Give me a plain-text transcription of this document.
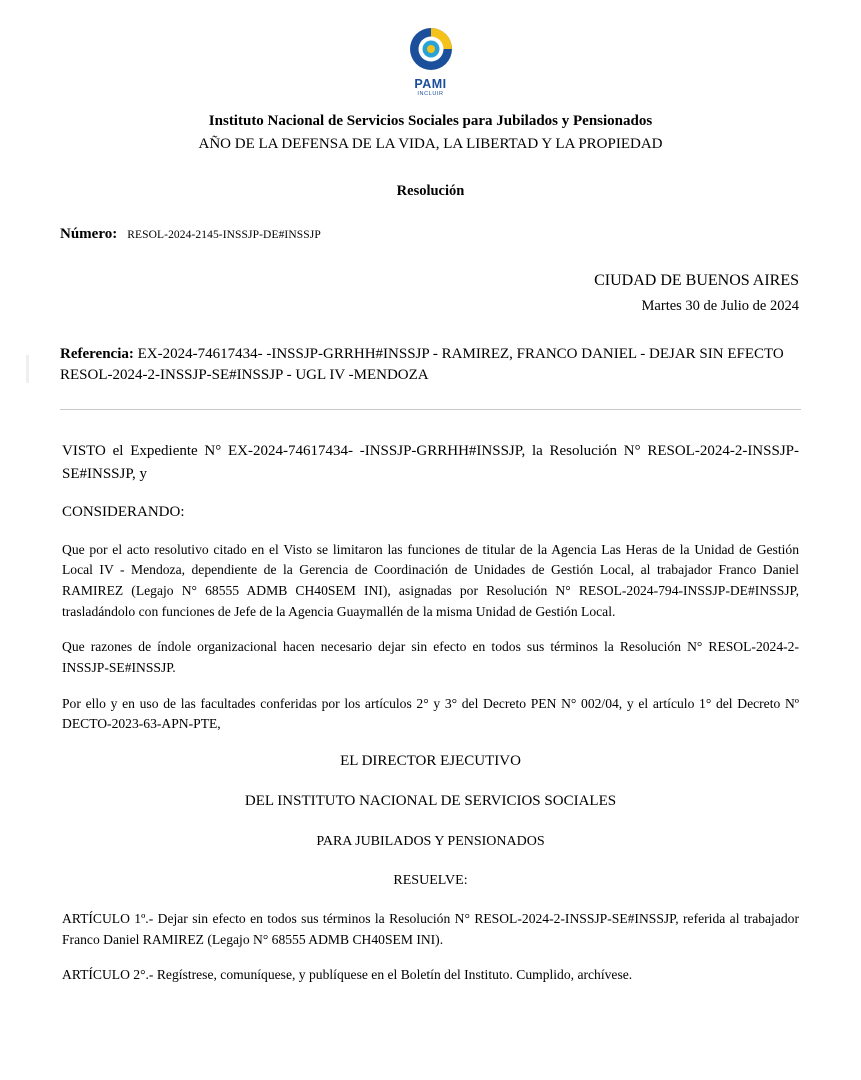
PAMI
INCLUIR
Instituto Nacional de Servicios Sociales para Jubilados y Pensionados
AÑO DE LA DEFENSA DE LA VIDA, LA LIBERTAD Y LA PROPIEDAD
Resolución
Número: RESOL-2024-2145-INSSJP-DE#INSSJP
CIUDAD DE BUENOS AIRES
Martes 30 de Julio de 2024
Referencia: EX-2024-74617434- -INSSJP-GRRHH#INSSJP - RAMIREZ, FRANCO DANIEL - DEJAR SIN EFECTO RESOL-2024-2-INSSJP-SE#INSSJP - UGL IV -MENDOZA

VISTO el Expediente N° EX-2024-74617434- -INSSJP-GRRHH#INSSJP, la Resolución N° RESOL-2024-2-INSSJP-SE#INSSJP, y

CONSIDERANDO:

Que por el acto resolutivo citado en el Visto se limitaron las funciones de titular de la Agencia Las Heras de la Unidad de Gestión Local IV - Mendoza, dependiente de la Gerencia de Coordinación de Unidades de Gestión Local, al trabajador Franco Daniel RAMIREZ (Legajo N° 68555 ADMB CH40SEM INI), asignadas por Resolución N° RESOL-2024-794-INSSJP-DE#INSSJP, trasladándolo con funciones de Jefe de la Agencia Guaymallén de la misma Unidad de Gestión Local.

Que razones de índole organizacional hacen necesario dejar sin efecto en todos sus términos la Resolución N° RESOL-2024-2-INSSJP-SE#INSSJP.

Por ello y en uso de las facultades conferidas por los artículos 2° y 3° del Decreto PEN N° 002/04, y el artículo 1° del Decreto Nº DECTO-2023-63-APN-PTE,

EL DIRECTOR EJECUTIVO

DEL INSTITUTO NACIONAL DE SERVICIOS SOCIALES

PARA JUBILADOS Y PENSIONADOS

RESUELVE:

ARTÍCULO 1º.- Dejar sin efecto en todos sus términos la Resolución N° RESOL-2024-2-INSSJP-SE#INSSJP, referida al trabajador Franco Daniel RAMIREZ (Legajo N° 68555 ADMB CH40SEM INI).

ARTÍCULO 2°.- Regístrese, comuníquese, y publíquese en el Boletín del Instituto. Cumplido, archívese.
